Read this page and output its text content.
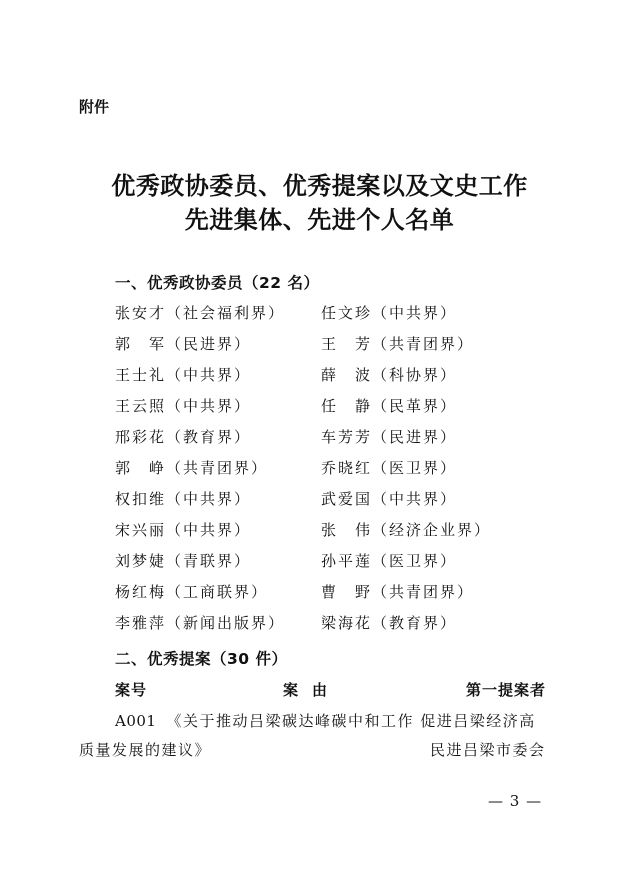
附件
优秀政协委员、优秀提案以及文史工作
先进集体、先进个人名单
一、优秀政协委员（22 名）
张安才（社会福利界） 任文珍（中共界）
郭　军（民进界）	王　芳（共青团界）
王士礼（中共界）	薛　波（科协界）
王云照（中共界）	任　静（民革界）
邢彩花（教育界）	车芳芳（民进界）
郭　峥（共青团界）	乔晓红（医卫界）
权扣维（中共界）	武爱国（中共界）
宋兴丽（中共界）	张　伟（经济企业界）
刘梦婕（青联界）	孙平莲（医卫界）
杨红梅（工商联界）	曹　野（共青团界）
李雅萍（新闻出版界） 梁海花（教育界）
二、优秀提案（30 件）
案号	案由	第一提案者
A001 《关于推动吕梁碳达峰碳中和工作 促进吕梁经济高
质量发展的建议》	民进吕梁市委会
— 3 —
